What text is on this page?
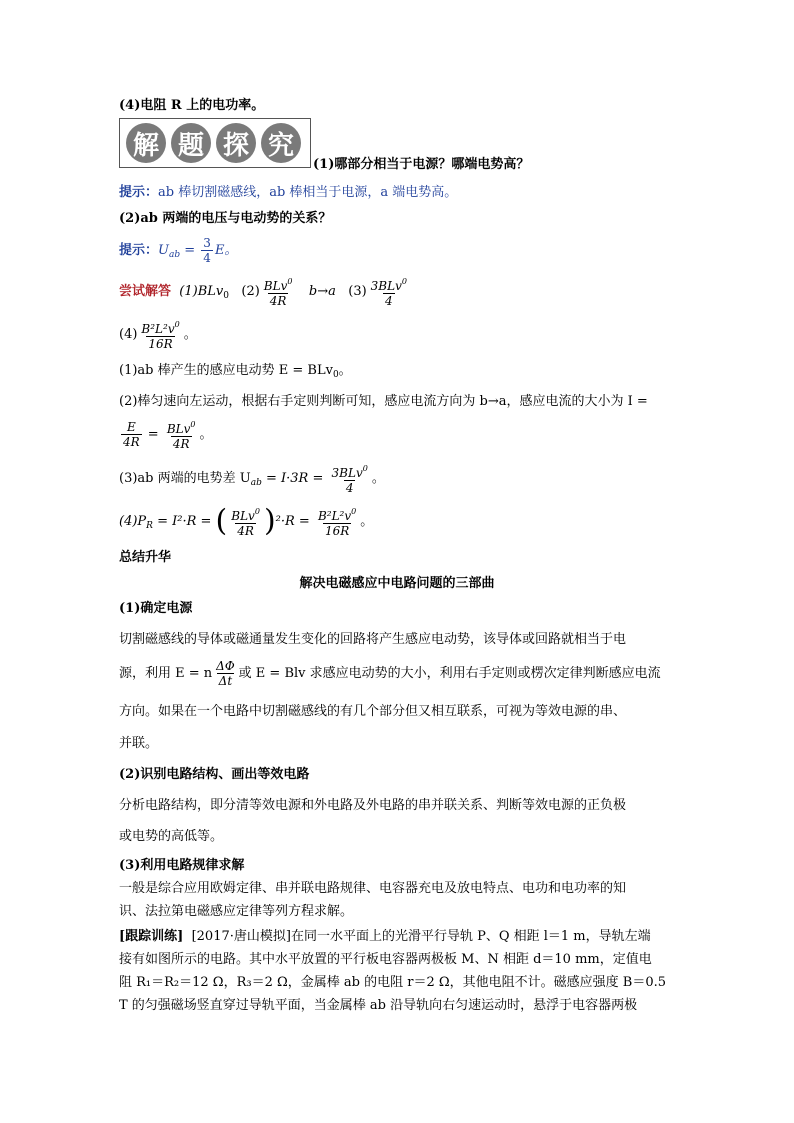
(4)电阻 R 上的电功率。
解 题 探 究
(1)哪部分相当于电源？哪端电势高？
提示：ab 棒切割磁感线，ab 棒相当于电源，a 端电势高。
(2)ab 两端的电压与电动势的关系？
提示：$U_{ab} = \frac{3}{4}$ E。
尝试解答 (1)BLv$_0$ $(2) \frac{BLv^0}{4R} b\to a$ $(3) \frac{3BLv^0}{4}$
$(4) \frac{B^2L^2v^0}{16R}$ 。
(1)ab 棒产生的感应电动势 E = BLv$_0$。
(2)棒匀速向左运动，根据右手定则判断可知，感应电流方向为 b→a，感应电流的大小为 I =
$\frac{E}{4R} = \frac{BLv^0}{4R}$ 。
(3)ab 两端的电势差 $U_{ab} = I\cdot 3R = \frac{3BLv^0}{4}$ 。
$(4)P_R = I^2\cdot R$ = ( $\frac{BLv^0}{4R} )^2\cdot R = \frac{B^2L^2v^0}{16R}$ 。
总结升华
解决电磁感应中电路问题的三部曲
(1)确定电源
切割磁感线的导体或磁通量发生变化的回路将产生感应电动势，该导体或回路就相当于电
源，利用 E = n $\frac{\Delta\Phi}{\Delta t}$ 或 E = Blv 求感应电动势的大小，利用右手定则或楞次定律判断感应电流
方向。如果在一个电路中切割磁感线的有几个部分但又相互联系，可视为等效电源的串、
并联。
(2)识别电路结构、画出等效电路
分析电路结构，即分清等效电源和外电路及外电路的串并联关系、判断等效电源的正负极
或电势的高低等。
(3)利用电路规律求解
一般是综合应用欧姆定律、串并联电路规律、电容器充电及放电特点、电功和电功率的知
识、法拉第电磁感应定律等列方程求解。
[跟踪训练] [2017·唐山模拟]在同一水平面上的光滑平行导轨 P、Q 相距 l＝1 m，导轨左端
接有如图所示的电路。其中水平放置的平行板电容器两极板 M、N 相距 d＝10 mm，定值电
阻 R₁＝R₂＝12 Ω，R₃＝2 Ω，金属棒 ab 的电阻 r＝2 Ω，其他电阻不计。磁感应强度 B＝0.5
T 的匀强磁场竖直穿过导轨平面，当金属棒 ab 沿导轨向右匀速运动时，悬浮于电容器两极
